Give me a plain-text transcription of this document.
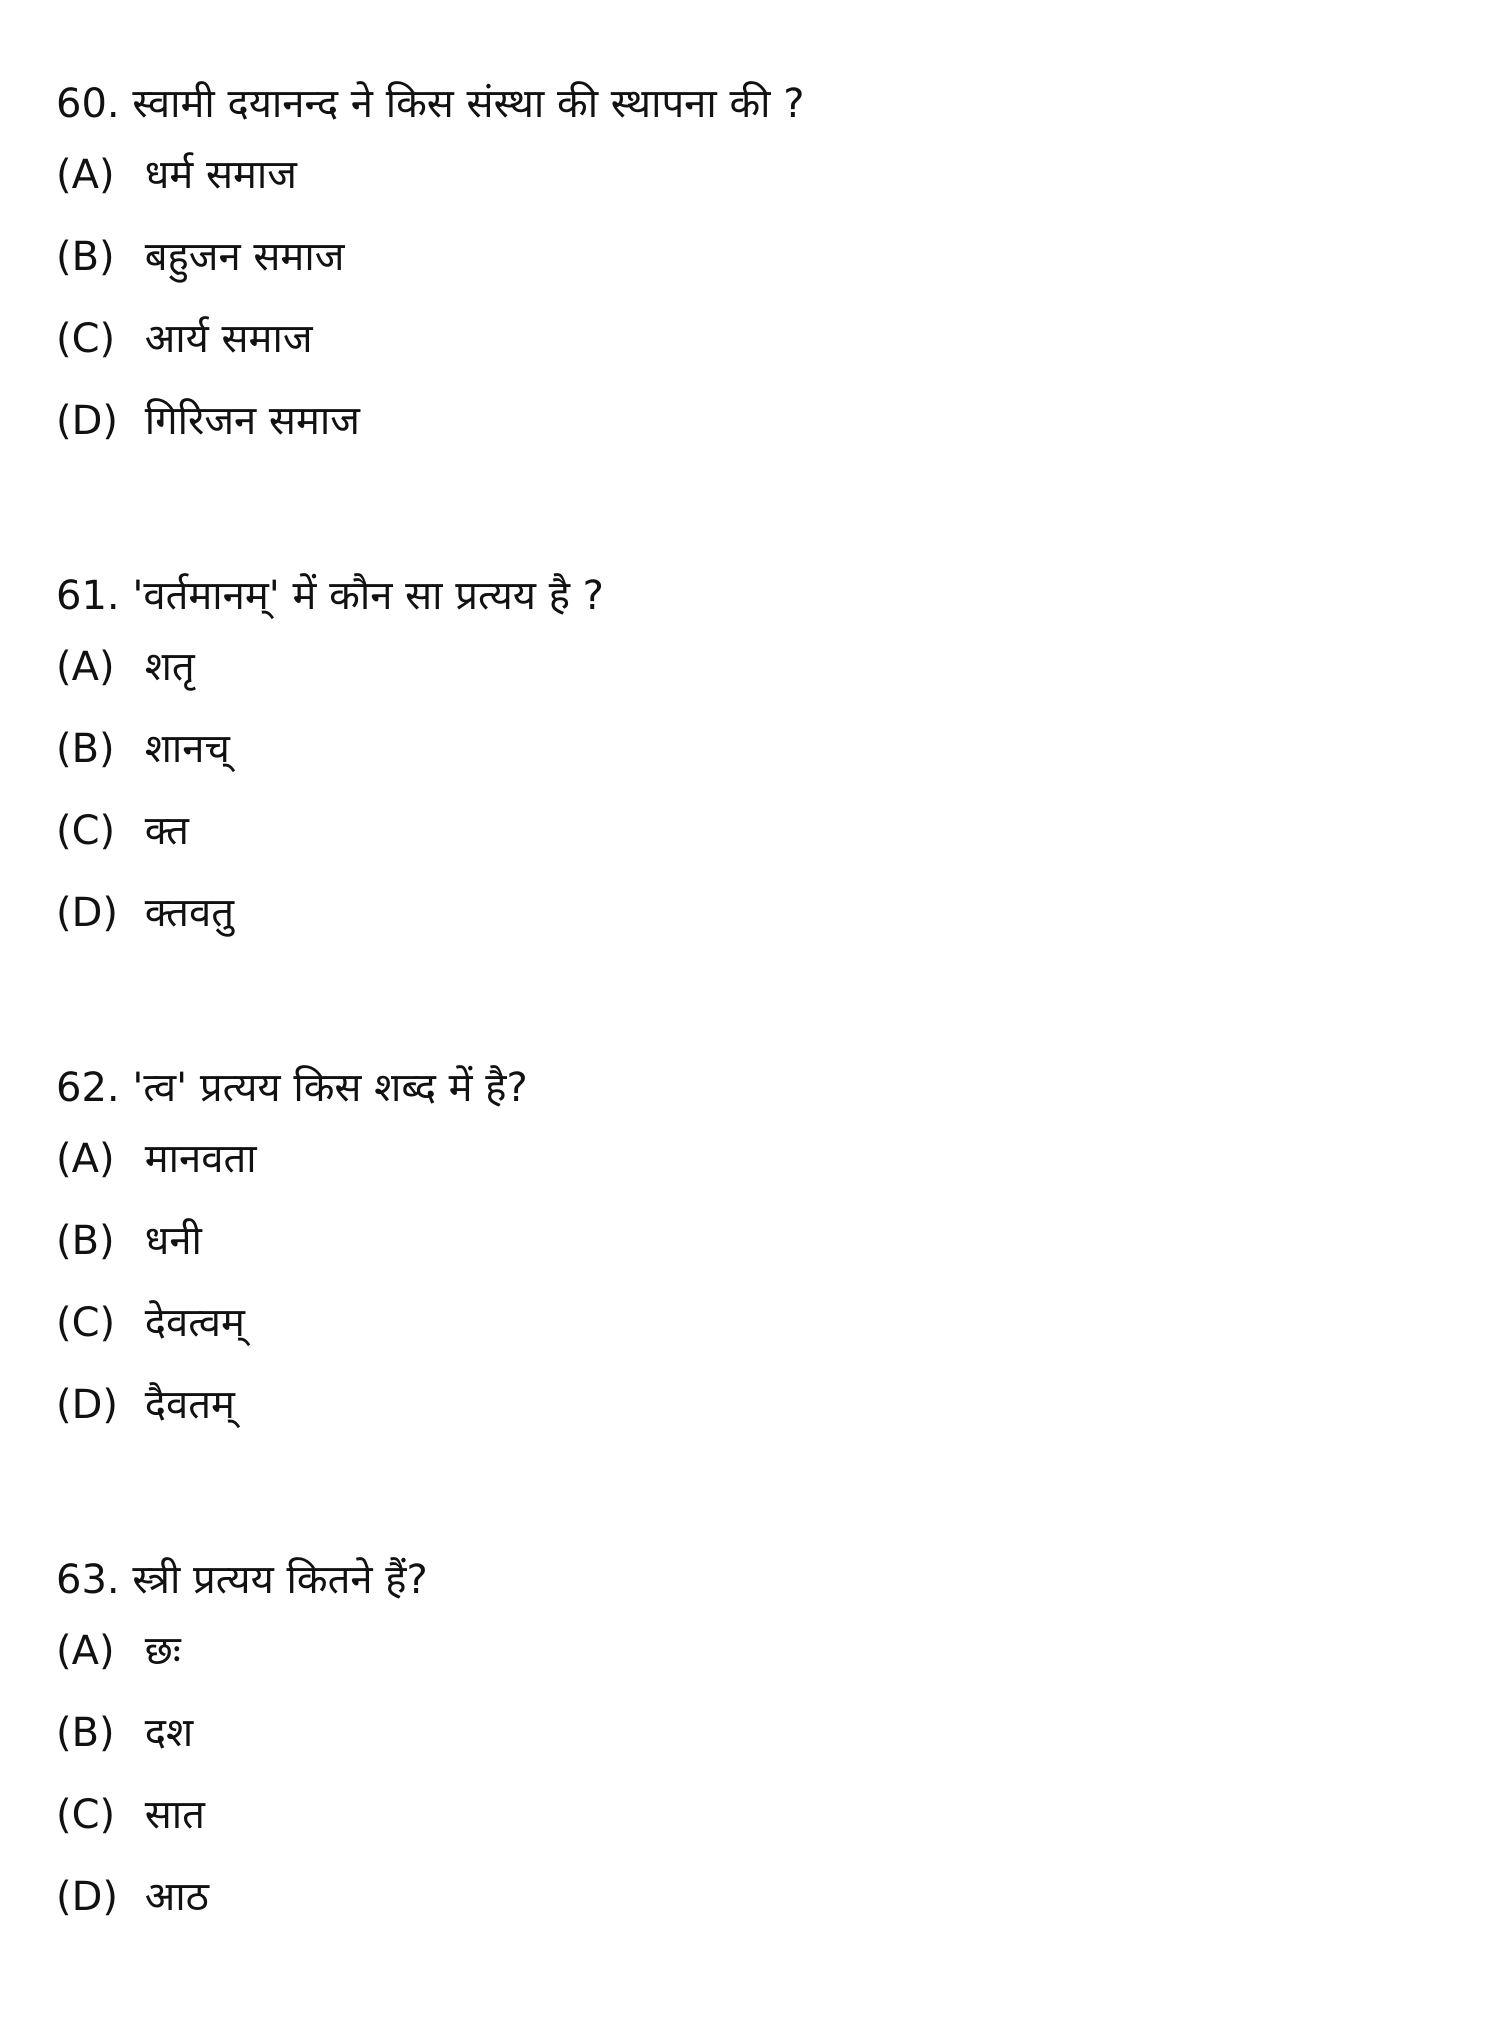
60. स्वामी दयानन्द ने किस संस्था की स्थापना की ?

(A) धर्म समाज

(B) बहुजन समाज

(C) आर्य समाज

(D) गिरिजन समाज

61. 'वर्तमानम्' में कौन सा प्रत्यय है ?

(A) शतृ

(B) शानच्

(C) क्त

(D) क्तवतु

62. 'त्व' प्रत्यय किस शब्द में है?

(A) मानवता

(B) धनी

(C) देवत्वम्

(D) दैवतम्

63. स्त्री प्रत्यय कितने हैं?

(A) छः

(B) दश

(C) सात

(D) आठ
